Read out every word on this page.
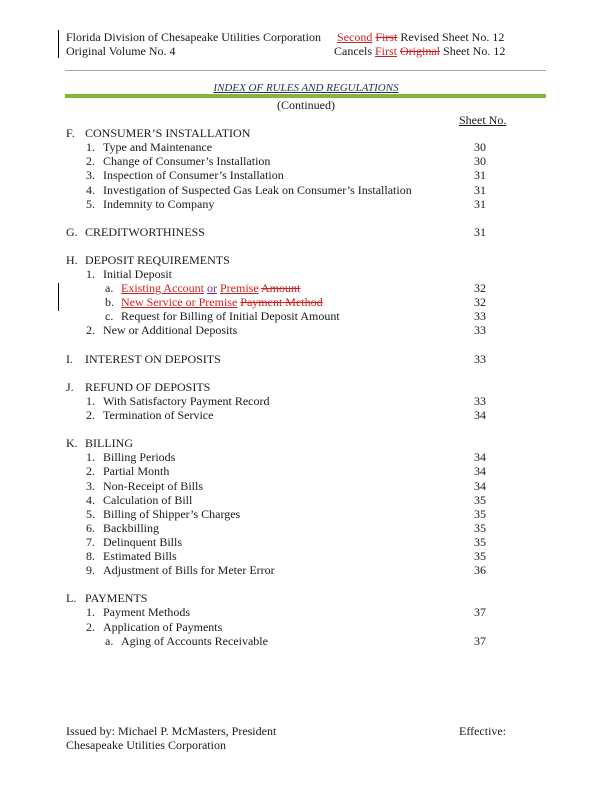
Florida Division of Chesapeake Utilities Corporation
Original Volume No. 4
Second First Revised Sheet No. 12
Cancels First Original Sheet No. 12
INDEX OF RULES AND REGULATIONS
(Continued)
Sheet No.
F. CONSUMER’S INSTALLATION
1. Type and Maintenance	30
2. Change of Consumer’s Installation	30
3. Inspection of Consumer’s Installation	31
4. Investigation of Suspected Gas Leak on Consumer’s Installation	31
5. Indemnity to Company	31
G. CREDITWORTHINESS	31
H. DEPOSIT REQUIREMENTS
1. Initial Deposit
a. Existing Account or Premise Amount	32
b. New Service or Premise Payment Method	32
c. Request for Billing of Initial Deposit Amount	33
2. New or Additional Deposits	33
I. INTEREST ON DEPOSITS	33
J. REFUND OF DEPOSITS
1. With Satisfactory Payment Record	33
2. Termination of Service	34
K. BILLING
1. Billing Periods	34
2. Partial Month	34
3. Non-Receipt of Bills	34
4. Calculation of Bill	35
5. Billing of Shipper’s Charges	35
6. Backbilling	35
7. Delinquent Bills	35
8. Estimated Bills	35
9. Adjustment of Bills for Meter Error	36
L. PAYMENTS
1. Payment Methods	37
2. Application of Payments
a. Aging of Accounts Receivable	37
Issued by: Michael P. McMasters, President
Chesapeake Utilities Corporation
Effective:
